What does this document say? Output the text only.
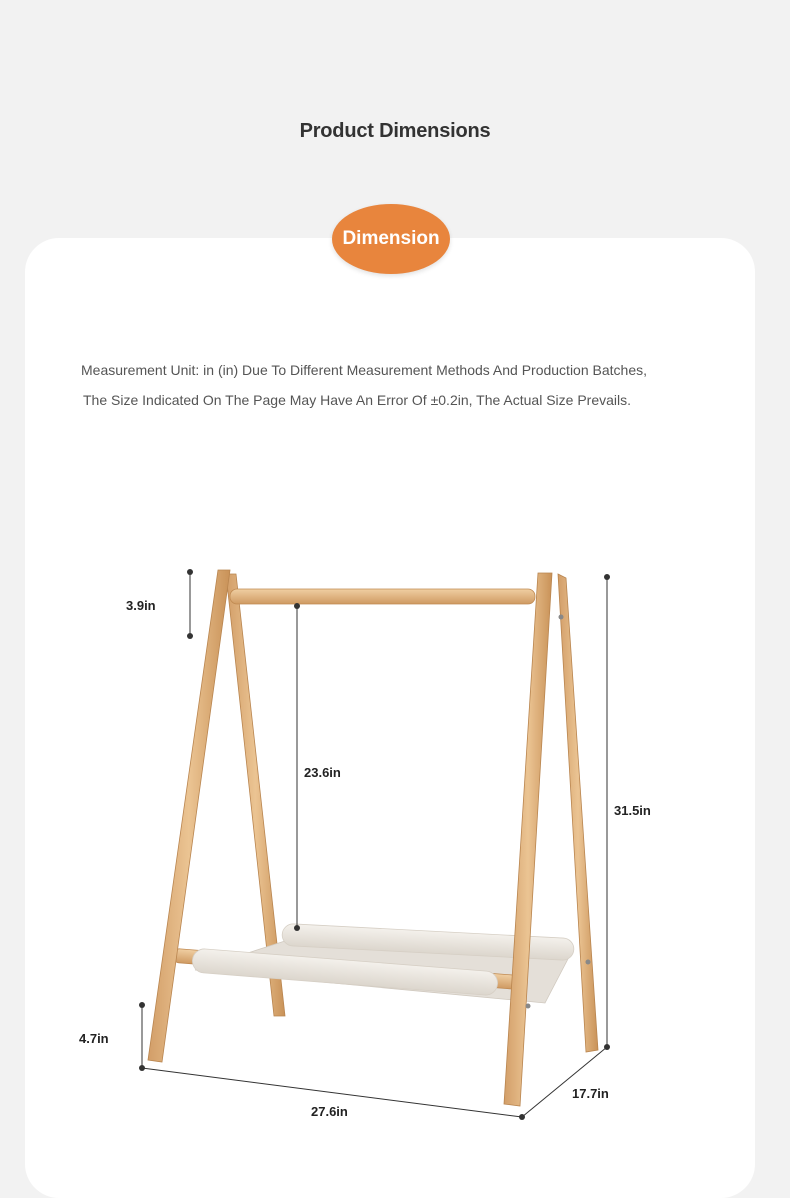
Product Dimensions
Dimension
Measurement Unit: in (in) Due To Different Measurement Methods And Production Batches,
The Size Indicated On The Page May Have An Error Of ±0.2in, The Actual Size Prevails.
3.9in
23.6in
31.5in
4.7in
27.6in
17.7in
